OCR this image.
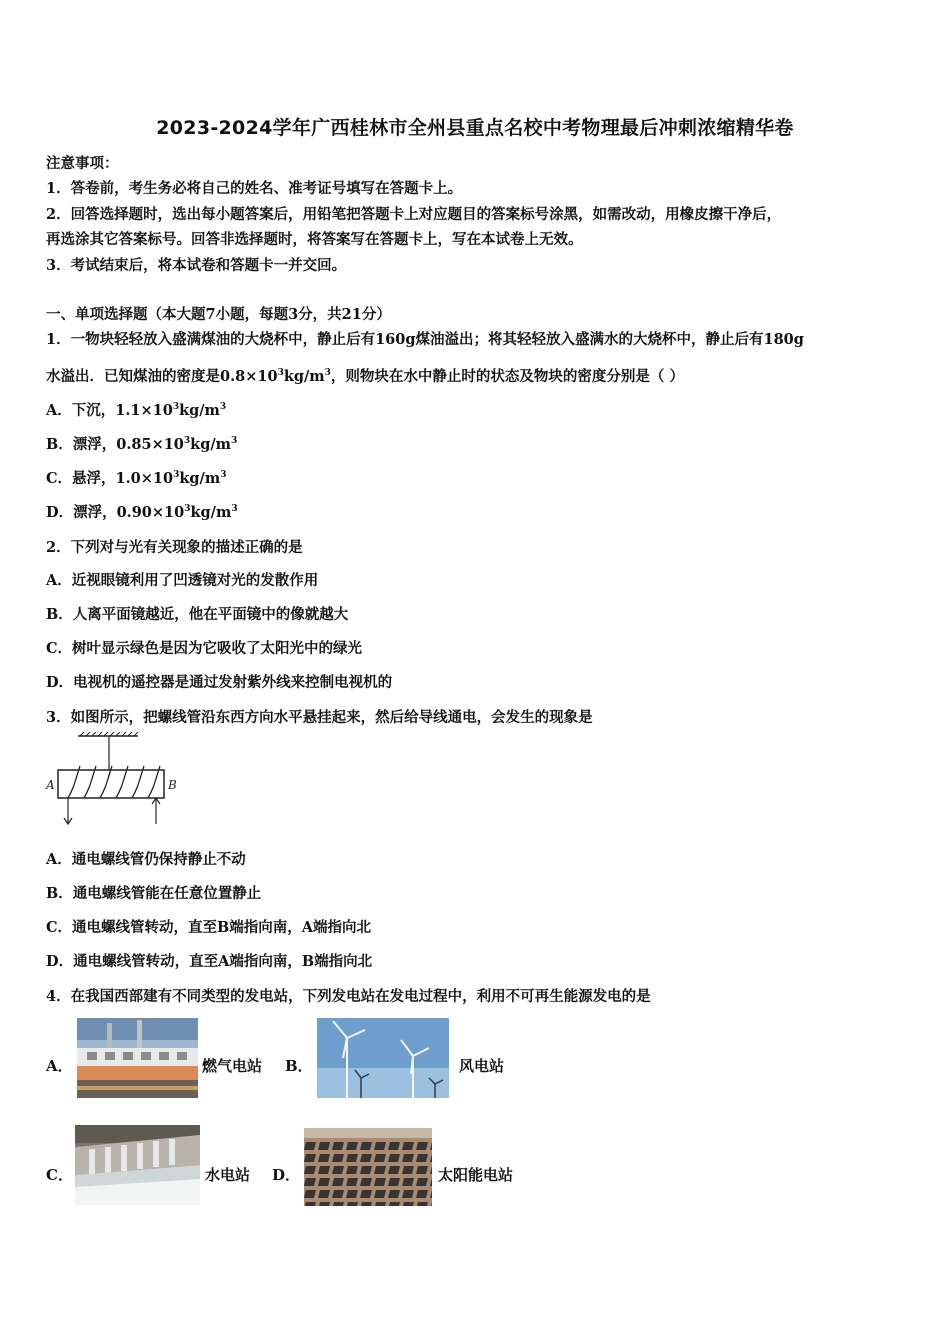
2023-2024学年广西桂林市全州县重点名校中考物理最后冲刺浓缩精华卷
注意事项：
1．答卷前，考生务必将自己的姓名、准考证号填写在答题卡上。
2．回答选择题时，选出每小题答案后，用铅笔把答题卡上对应题目的答案标号涂黑，如需改动，用橡皮擦干净后，
再选涂其它答案标号。回答非选择题时，将答案写在答题卡上，写在本试卷上无效。
3．考试结束后，将本试卷和答题卡一并交回。
一、单项选择题（本大题7小题，每题3分，共21分）
1．一物块轻轻放入盛满煤油的大烧杯中，静止后有160g煤油溢出；将其轻轻放入盛满水的大烧杯中，静止后有180g
水溢出．已知煤油的密度是$0.8\times 10^3kg/m^3$，则物块在水中静止时的状态及物块的密度分别是（ ）
A．下沉，$1.1\times 10^3kg/m^3$
B．漂浮，$0.85\times 10^3kg/m^3$
C．悬浮，$1.0\times 10^3kg/m^3$
D．漂浮，$0.90\times 10^3kg/m^3$
2．下列对与光有关现象的描述正确的是
A．近视眼镜利用了凹透镜对光的发散作用
B．人离平面镜越近，他在平面镜中的像就越大
C．树叶显示绿色是因为它吸收了太阳光中的绿光
D．电视机的遥控器是通过发射紫外线来控制电视机的
3．如图所示，把螺线管沿东西方向水平悬挂起来，然后给导线通电，会发生的现象是
A	B
A．通电螺线管仍保持静止不动
B．通电螺线管能在任意位置静止
C．通电螺线管转动，直至B端指向南，A端指向北
D．通电螺线管转动，直至A端指向南，B端指向北
4．在我国西部建有不同类型的发电站，下列发电站在发电过程中，利用不可再生能源发电的是
A．	燃气电站 B．	风电站
C．	水电站 D．	太阳能电站
